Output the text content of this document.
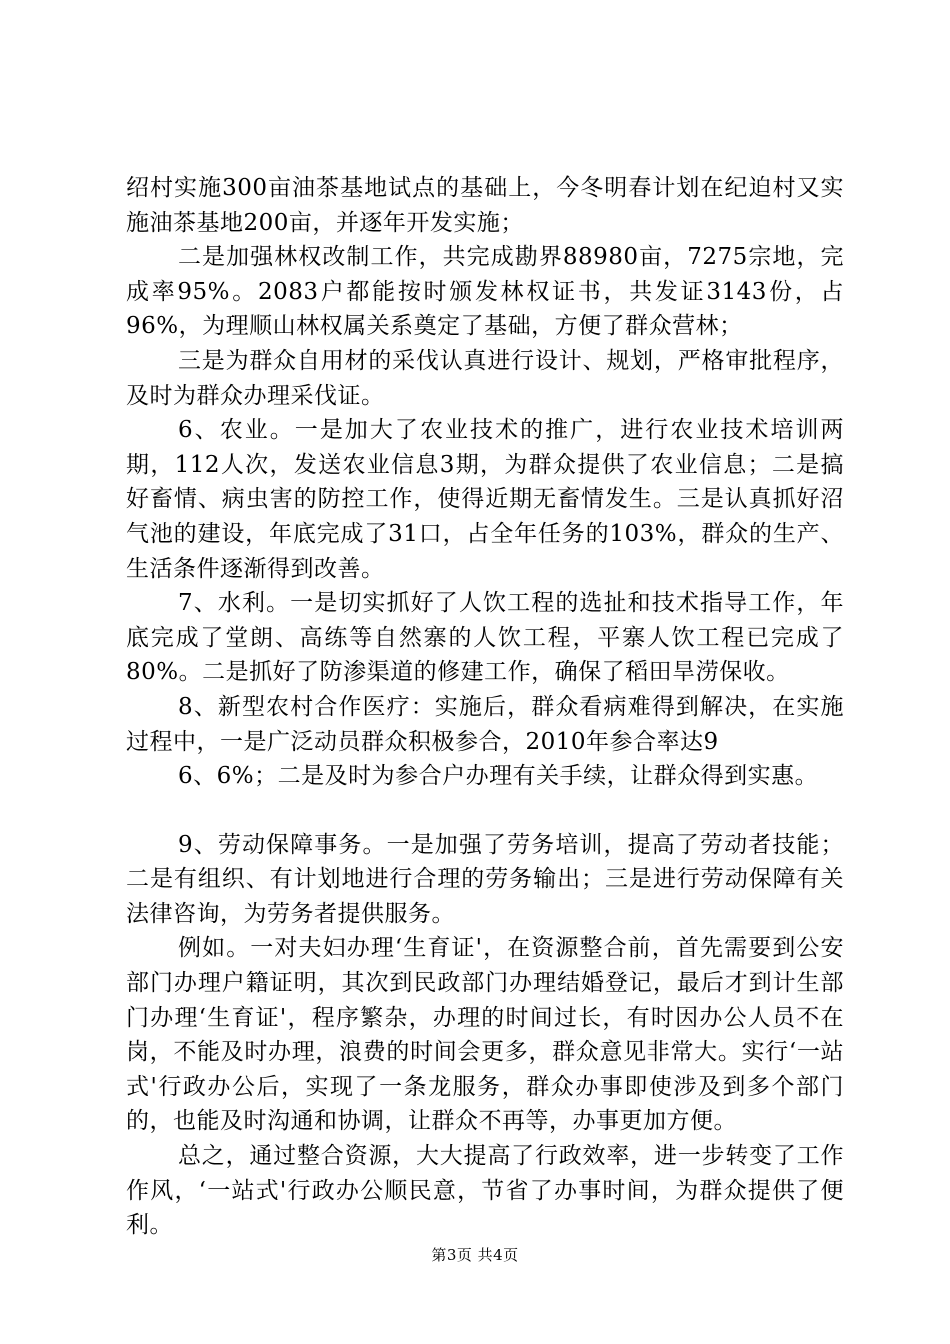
绍村实施300亩油茶基地试点的基础上，今冬明春计划在纪迫村又实施油茶基地200亩，并逐年开发实施；

二是加强林权改制工作，共完成勘界88980亩，7275宗地，完成率95%。2083户都能按时颁发林权证书，共发证3143份，占96%，为理顺山林权属关系奠定了基础，方便了群众营林；

三是为群众自用材的采伐认真进行设计、规划，严格审批程序，及时为群众办理采伐证。

6、农业。一是加大了农业技术的推广，进行农业技术培训两期，112人次，发送农业信息3期，为群众提供了农业信息；二是搞好畜情、病虫害的防控工作，使得近期无畜情发生。三是认真抓好沼气池的建设，年底完成了31口，占全年任务的103%，群众的生产、生活条件逐渐得到改善。

7、水利。一是切实抓好了人饮工程的选扯和技术指导工作，年底完成了堂朗、高练等自然寨的人饮工程，平寨人饮工程已完成了80%。二是抓好了防渗渠道的修建工作，确保了稻田旱涝保收。

8、新型农村合作医疗：实施后，群众看病难得到解决，在实施过程中，一是广泛动员群众积极参合，2010年参合率达9

6、6%；二是及时为参合户办理有关手续，让群众得到实惠。

9、劳动保障事务。一是加强了劳务培训，提高了劳动者技能；二是有组织、有计划地进行合理的劳务输出；三是进行劳动保障有关法律咨询，为劳务者提供服务。

例如。一对夫妇办理‘生育证'，在资源整合前，首先需要到公安部门办理户籍证明，其次到民政部门办理结婚登记，最后才到计生部门办理‘生育证'，程序繁杂，办理的时间过长，有时因办公人员不在岗，不能及时办理，浪费的时间会更多，群众意见非常大。实行‘一站式'行政办公后，实现了一条龙服务，群众办事即使涉及到多个部门的，也能及时沟通和协调，让群众不再等，办事更加方便。

总之，通过整合资源，大大提高了行政效率，进一步转变了工作作风，‘一站式'行政办公顺民意，节省了办事时间，为群众提供了便利。

第3页 共4页
